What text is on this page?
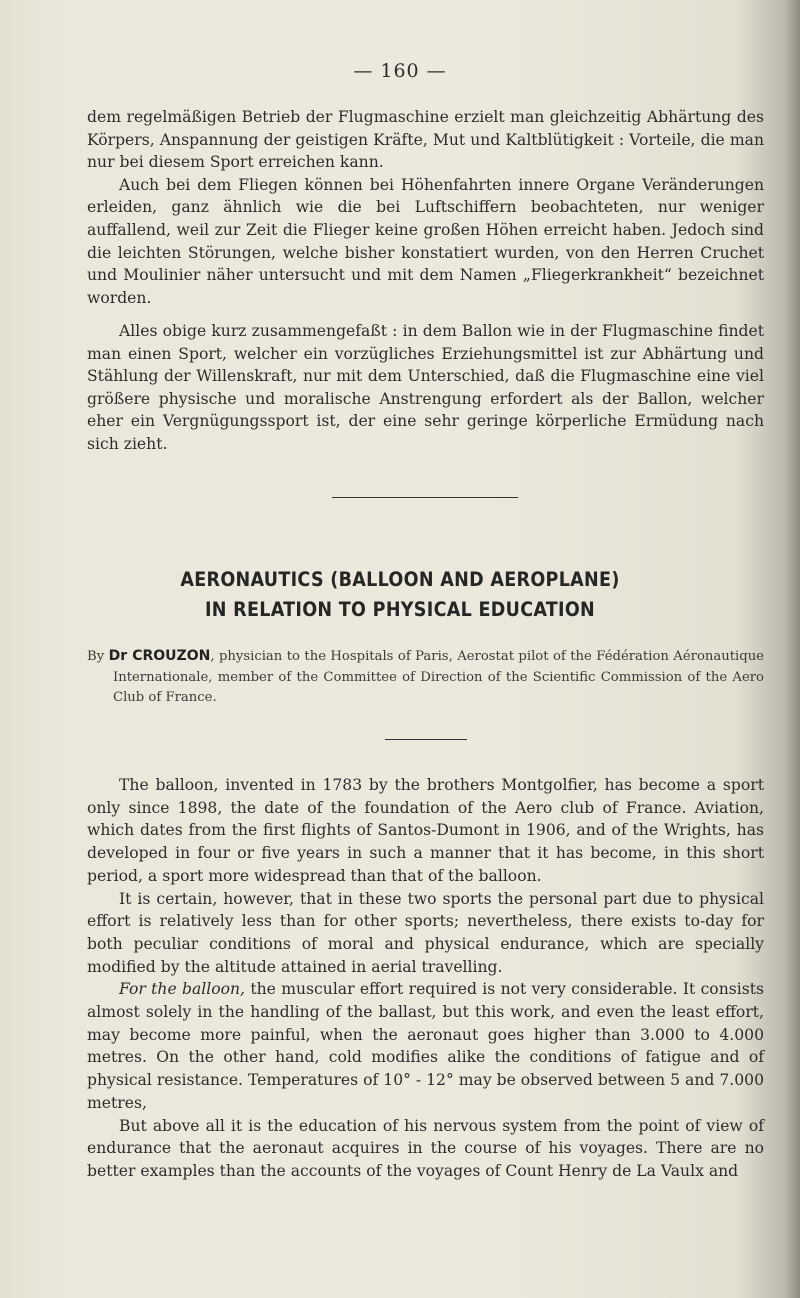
— 160 —

dem regelmäßigen Betrieb der Flugmaschine erzielt man gleichzeitig Abhärtung des Körpers, Anspannung der geistigen Kräfte, Mut und Kaltblütigkeit : Vorteile, die man nur bei diesem Sport erreichen kann.

Auch bei dem Fliegen können bei Höhenfahrten innere Organe Veränderungen erleiden, ganz ähnlich wie die bei Luftschiffern beobachteten, nur weniger auffallend, weil zur Zeit die Flieger keine großen Höhen erreicht haben. Jedoch sind die leichten Störungen, welche bisher konstatiert wurden, von den Herren Cruchet und Moulinier näher untersucht und mit dem Namen „Fliegerkrankheit“ bezeichnet worden.

Alles obige kurz zusammengefaßt : in dem Ballon wie in der Flugmaschine findet man einen Sport, welcher ein vorzügliches Erziehungsmittel ist zur Abhärtung und Stählung der Willenskraft, nur mit dem Unterschied, daß die Flugmaschine eine viel größere physische und moralische Anstrengung erfordert als der Ballon, welcher eher ein Vergnügungssport ist, der eine sehr geringe körperliche Ermüdung nach sich zieht.

AERONAUTICS (BALLOON AND AEROPLANE)
IN RELATION TO PHYSICAL EDUCATION

By Dr CROUZON, physician to the Hospitals of Paris, Aerostat pilot of the Fédération Aéronautique Internationale, member of the Committee of Direction of the Scientific Commission of the Aero Club of France.

The balloon, invented in 1783 by the brothers Montgolfier, has become a sport only since 1898, the date of the foundation of the Aero club of France. Aviation, which dates from the first flights of Santos-Dumont in 1906, and of the Wrights, has developed in four or five years in such a manner that it has become, in this short period, a sport more widespread than that of the balloon.

It is certain, however, that in these two sports the personal part due to physical effort is relatively less than for other sports; nevertheless, there exists to-day for both peculiar conditions of moral and physical endurance, which are specially modified by the altitude attained in aerial travelling.

For the balloon, the muscular effort required is not very considerable. It consists almost solely in the handling of the ballast, but this work, and even the least effort, may become more painful, when the aeronaut goes higher than 3.000 to 4.000 metres. On the other hand, cold modifies alike the conditions of fatigue and of physical resistance. Temperatures of 10° - 12° may be observed between 5 and 7.000 metres,

But above all it is the education of his nervous system from the point of view of endurance that the aeronaut acquires in the course of his voyages. There are no better examples than the accounts of the voyages of Count Henry de La Vaulx and
